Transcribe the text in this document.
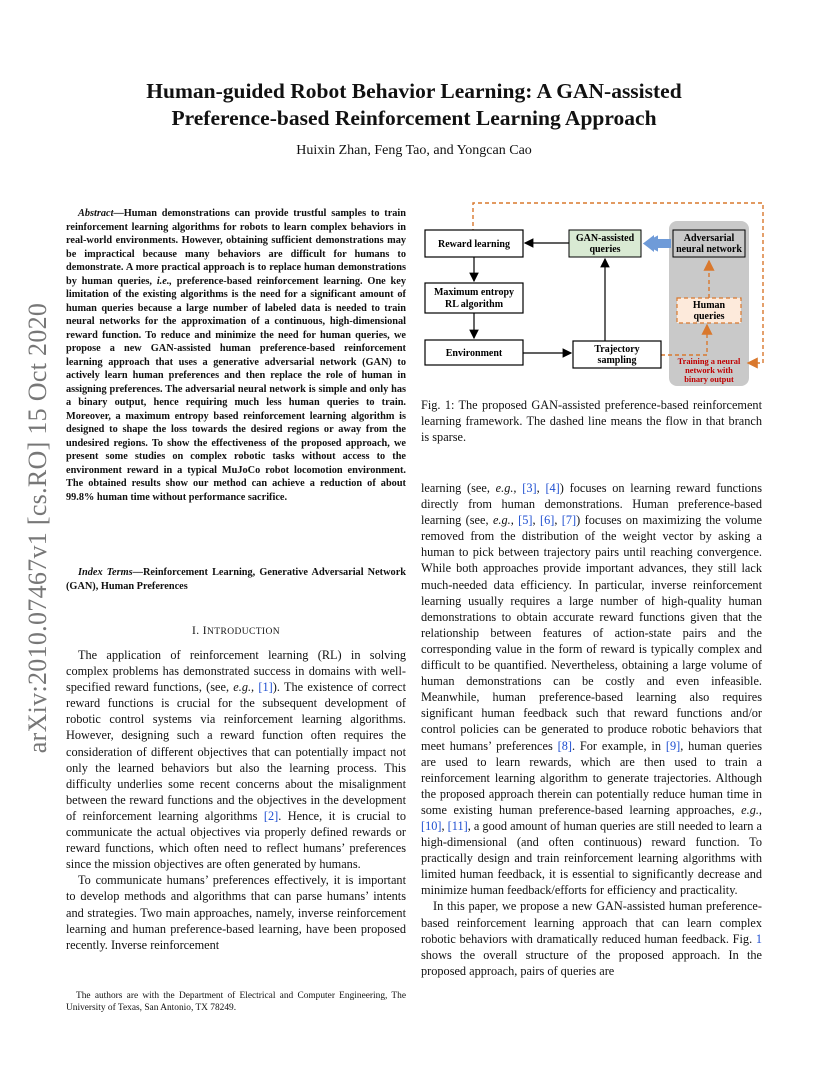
Human-guided Robot Behavior Learning: A GAN-assisted
Preference-based Reinforcement Learning Approach
Huixin Zhan, Feng Tao, and Yongcan Cao
arXiv:2010.07467v1 [cs.RO] 15 Oct 2020

Abstract—Human demonstrations can provide trustful samples to train reinforcement learning algorithms for robots to learn complex behaviors in real-world environments. However, obtaining sufficient demonstrations may be impractical because many behaviors are difficult for humans to demonstrate. A more practical approach is to replace human demonstrations by human queries, i.e., preference-based reinforcement learning. One key limitation of the existing algorithms is the need for a significant amount of human queries because a large number of labeled data is needed to train neural networks for the approximation of a continuous, high-dimensional reward function. To reduce and minimize the need for human queries, we propose a new GAN-assisted human preference-based reinforcement learning approach that uses a generative adversarial network (GAN) to actively learn human preferences and then replace the role of human in assigning preferences. The adversarial neural network is simple and only has a binary output, hence requiring much less human queries to train. Moreover, a maximum entropy based reinforcement learning algorithm is designed to shape the loss towards the desired regions or away from the undesired regions. To show the effectiveness of the proposed approach, we present some studies on complex robotic tasks without access to the environment reward in a typical MuJoCo robot locomotion environment. The obtained results show our method can achieve a reduction of about 99.8% human time without performance sacrifice.

Index Terms—Reinforcement Learning, Generative Adversarial Network (GAN), Human Preferences

I. INTRODUCTION

The application of reinforcement learning (RL) in solving complex problems has demonstrated success in domains with well-specified reward functions, (see, e.g., [1]). The existence of correct reward functions is crucial for the subsequent development of robotic control systems via reinforcement learning algorithms. However, designing such a reward function often requires the consideration of different objectives that can potentially impact not only the learned behaviors but also the learning process. This difficulty underlies some recent concerns about the misalignment between the reward functions and the objectives in the development of reinforcement learning algorithms [2]. Hence, it is crucial to communicate the actual objectives via properly defined rewards or reward functions, which often need to reflect humans’ preferences since the mission objectives are often generated by humans.

To communicate humans’ preferences effectively, it is important to develop methods and algorithms that can parse humans’ intents and strategies. Two main approaches, namely, inverse reinforcement learning and human preference-based learning, have been proposed recently. Inverse reinforcement

The authors are with the Department of Electrical and Computer Engineering, The University of Texas, San Antonio, TX 78249.

Reward learning
GAN-assisted
queries
Adversarial
neural network
Maximum entropy
RL algorithm	Human
queries
Environment	Trajectory
sampling	Training a neural
network with
binary output

Fig. 1: The proposed GAN-assisted preference-based reinforcement learning framework. The dashed line means the flow in that branch is sparse.

learning (see, e.g., [3], [4]) focuses on learning reward functions directly from human demonstrations. Human preference-based learning (see, e.g., [5], [6], [7]) focuses on maximizing the volume removed from the distribution of the weight vector by asking a human to pick between trajectory pairs until reaching convergence. While both approaches provide important advances, they still lack much-needed data efficiency. In particular, inverse reinforcement learning usually requires a large number of high-quality human demonstrations to obtain accurate reward functions given that the relationship between features of action-state pairs and the corresponding value in the form of reward is typically complex and difficult to be quantified. Nevertheless, obtaining a large volume of human demonstrations can be costly and even infeasible. Meanwhile, human preference-based learning also requires significant human feedback such that reward functions and/or control policies can be generated to produce robotic behaviors that meet humans’ preferences [8]. For example, in [9], human queries are used to learn rewards, which are then used to train a reinforcement learning algorithm to generate trajectories. Although the proposed approach therein can potentially reduce human time in some existing human preference-based learning approaches, e.g., [10], [11], a good amount of human queries are still needed to learn a high-dimensional (and often continuous) reward function. To practically design and train reinforcement learning algorithms with limited human feedback, it is essential to significantly decrease and minimize human feedback/efforts for efficiency and practicality.

In this paper, we propose a new GAN-assisted human preference-based reinforcement learning approach that can learn complex robotic behaviors with dramatically reduced human feedback. Fig. 1 shows the overall structure of the proposed approach. In the proposed approach, pairs of queries are
